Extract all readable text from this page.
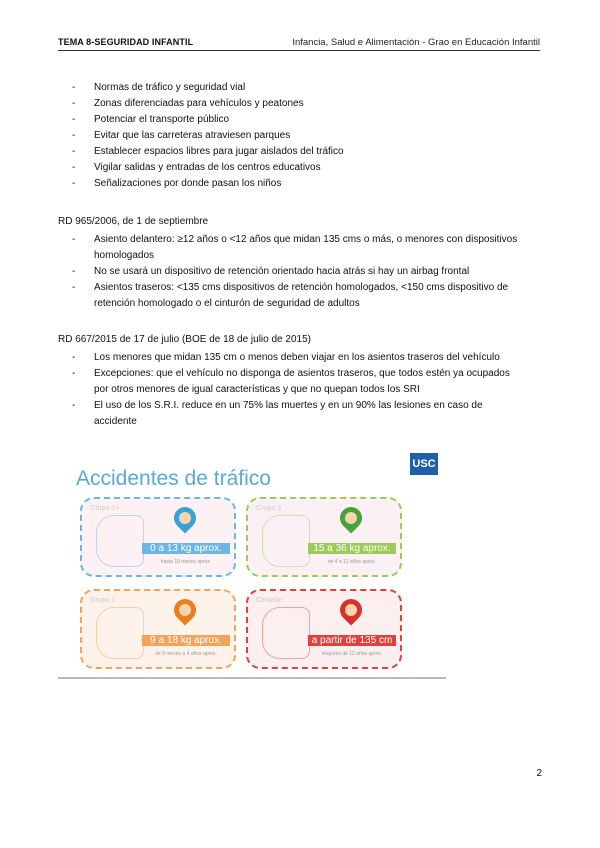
TEMA 8-SEGURIDAD INFANTIL	Infancia, Salud e Alimentación - Grao en Educación Infantil
- Normas de tráfico y seguridad vial
- Zonas diferenciadas para vehículos y peatones
- Potenciar el transporte público
- Evitar que las carreteras atraviesen parques
- Establecer espacios libres para jugar aislados del tráfico
- Vigilar salidas y entradas de los centros educativos
- Señalizaciones por donde pasan los niños
RD 965/2006, de 1 de septiembre
- Asiento delantero: ≥12 años o <12 años que midan 135 cms o más, o menores con dispositivos homologados
- No se usará un dispositivo de retención orientado hacia atrás si hay un airbag frontal
- Asientos traseros: <135 cms dispositivos de retención homologados, <150 cms dispositivo de retención homologado o el cinturón de seguridad de adultos
RD 667/2015 de 17 de julio (BOE de 18 de julio de 2015)
- Los menores que midan 135 cm o menos deben viajar en los asientos traseros del vehículo
- Excepciones: que el vehículo no disponga de asientos traseros, que todos estén ya ocupados por otros menores de igual características y que no quepan todos los SRI
- El uso de los S.R.I. reduce en un 75% las muertes y en un 90% las lesiones en caso de accidente
Accidentes de tráfico
USC
Grupo 0+
0 a 13 kg aprox.
hasta 18 meses aprox.
Grupo 2
15 a 36 kg aprox.
de 4 a 12 años aprox.
Grupo 1
9 a 18 kg aprox.
de 9 meses a 4 años aprox.
Cinturón
a partir de 135 cm
mayores de 12 años aprox.
2
